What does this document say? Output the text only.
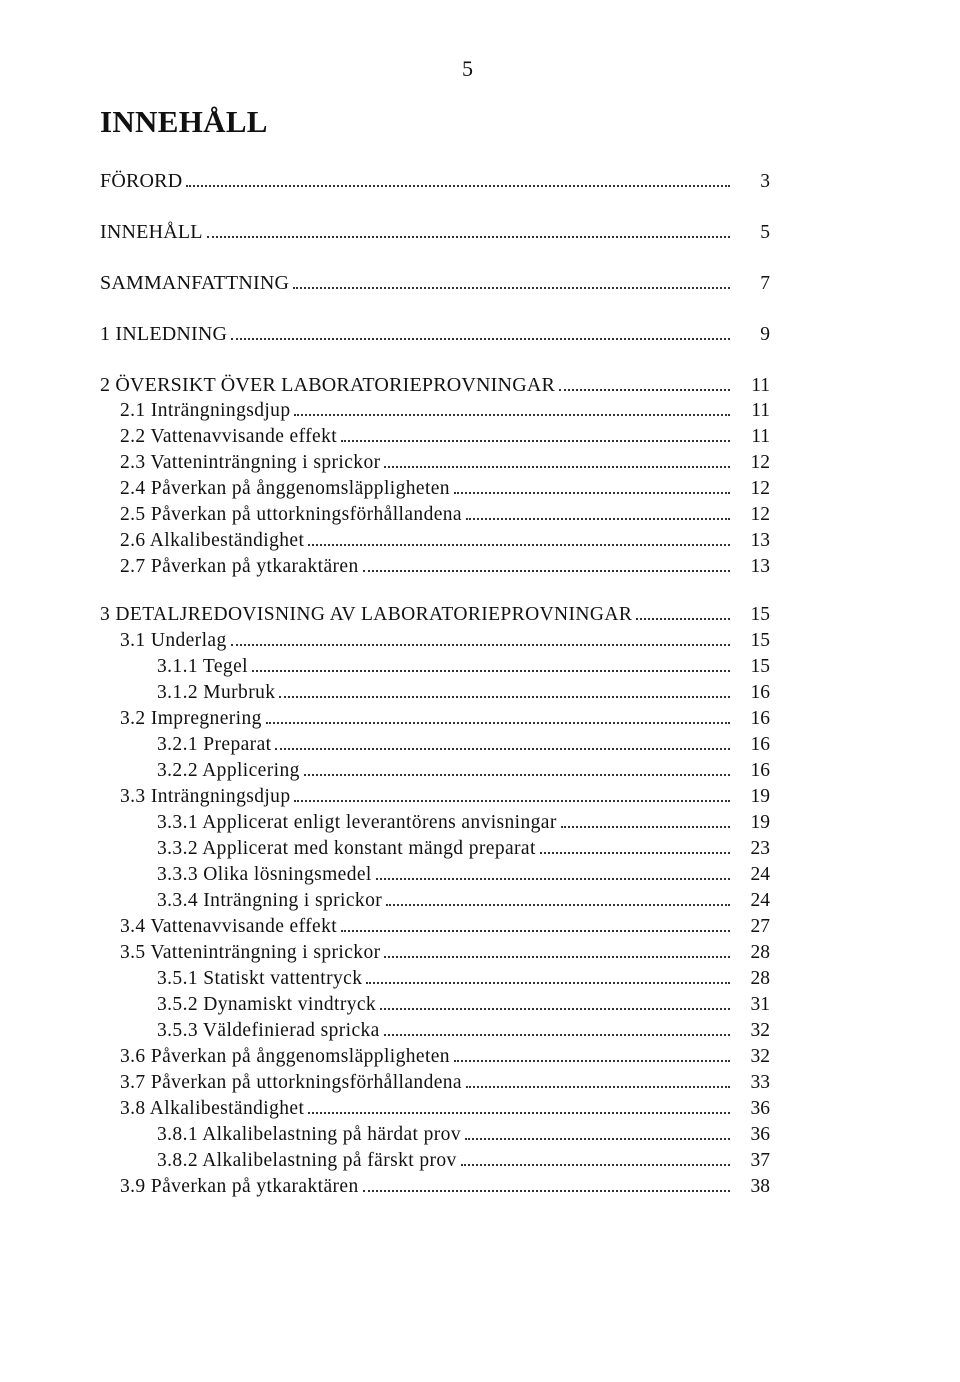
5
INNEHÅLL
FÖRORD	3
INNEHÅLL	5
SAMMANFATTNING	7
1 INLEDNING	9
2 ÖVERSIKT ÖVER LABORATORIEPROVNINGAR	11
2.1 Inträngningsdjup	11
2.2 Vattenavvisande effekt	11
2.3 Vatteninträngning i sprickor	12
2.4 Påverkan på ånggenomsläppligheten	12
2.5 Påverkan på uttorkningsförhållandena	12
2.6 Alkalibeständighet	13
2.7 Påverkan på ytkaraktären	13
3 DETALJREDOVISNING AV LABORATORIEPROVNINGAR	15
3.1 Underlag	15
3.1.1 Tegel	15
3.1.2 Murbruk	16
3.2 Impregnering	16
3.2.1 Preparat	16
3.2.2 Applicering	16
3.3 Inträngningsdjup	19
3.3.1 Applicerat enligt leverantörens anvisningar	19
3.3.2 Applicerat med konstant mängd preparat	23
3.3.3 Olika lösningsmedel	24
3.3.4 Inträngning i sprickor	24
3.4 Vattenavvisande effekt	27
3.5 Vatteninträngning i sprickor	28
3.5.1 Statiskt vattentryck	28
3.5.2 Dynamiskt vindtryck	31
3.5.3 Väldefinierad spricka	32
3.6 Påverkan på ånggenomsläppligheten	32
3.7 Påverkan på uttorkningsförhållandena	33
3.8 Alkalibeständighet	36
3.8.1 Alkalibelastning på härdat prov	36
3.8.2 Alkalibelastning på färskt prov	37
3.9 Påverkan på ytkaraktären	38
